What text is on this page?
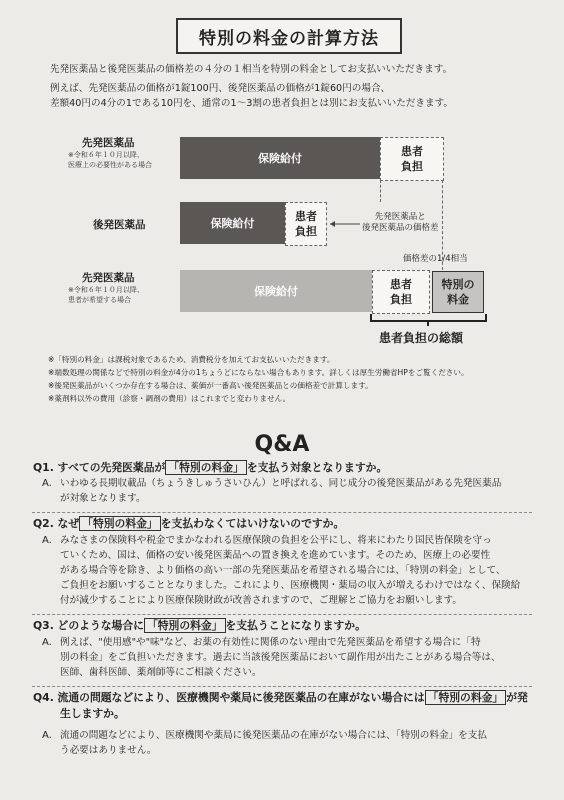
特別の料金の計算方法
先発医薬品と後発医薬品の価格差の４分の１相当を特別の料金としてお支払いいただきます。
例えば、先発医薬品の価格が1錠100円、後発医薬品の価格が1錠60円の場合、
差額40円の4分の1である10円を、通常の1～3割の患者負担とは別にお支払いいただきます。
先発医薬品
※令和６年１０月以降、
医療上の必要性がある場合	保険給付
患者
負担
後発医薬品	保険給付
患者
負担
先発医薬品と
後発医薬品の価格差
価格差の1/4相当
先発医薬品
※令和６年１０月以降、
患者が希望する場合
保険給付
患者
負担
特別の
料金
患者負担の総額
※「特別の料金」は課税対象であるため、消費税分を加えてお支払いいただきます。
※端数処理の関係などで特別の料金が4分の1ちょうどにならない場合もあります。詳しくは厚生労働省HPをご覧ください。
※後発医薬品がいくつか存在する場合は、薬価が一番高い後発医薬品との価格差で計算します。
※薬剤料以外の費用（診察・調剤の費用）はこれまでと変わりません。
Q&A
Q1. すべての先発医薬品が 「特別の料金」 を支払う対象となりますか。
A. いわゆる長期収載品（ちょうきしゅうさいひん）と呼ばれる、同じ成分の後発医薬品がある先発医薬品
が対象となります。
Q2. なぜ 「特別の料金」 を支払わなくてはいけないのですか。
A. みなさまの保険料や税金でまかなわれる医療保険の負担を公平にし、将来にわたり国民皆保険を守っ
ていくため、国は、価格の安い後発医薬品への置き換えを進めています。そのため、医療上の必要性
がある場合等を除き、より価格の高い一部の先発医薬品を希望される場合には、「特別の料金」として、
ご負担をお願いすることとなりました。これにより、医療機関・薬局の収入が増えるわけではなく、保険給
付が減少することにより医療保険財政が改善されますので、ご理解とご協力をお願いします。
Q3. どのような場合に 「特別の料金」 を支払うことになりますか。
A. 例えば、"使用感"や"味"など、お薬の有効性に関係のない理由で先発医薬品を希望する場合に「特
別の料金」をご負担いただきます。過去に当該後発医薬品において副作用が出たことがある場合等は、
医師、歯科医師、薬剤師等にご相談ください。
Q4. 流通の問題などにより、医療機関や薬局に後発医薬品の在庫がない場合には 「特別の料金」 が発
生しますか。
A. 流通の問題などにより、医療機関や薬局に後発医薬品の在庫がない場合には、「特別の料金」を支払
う必要はありません。
